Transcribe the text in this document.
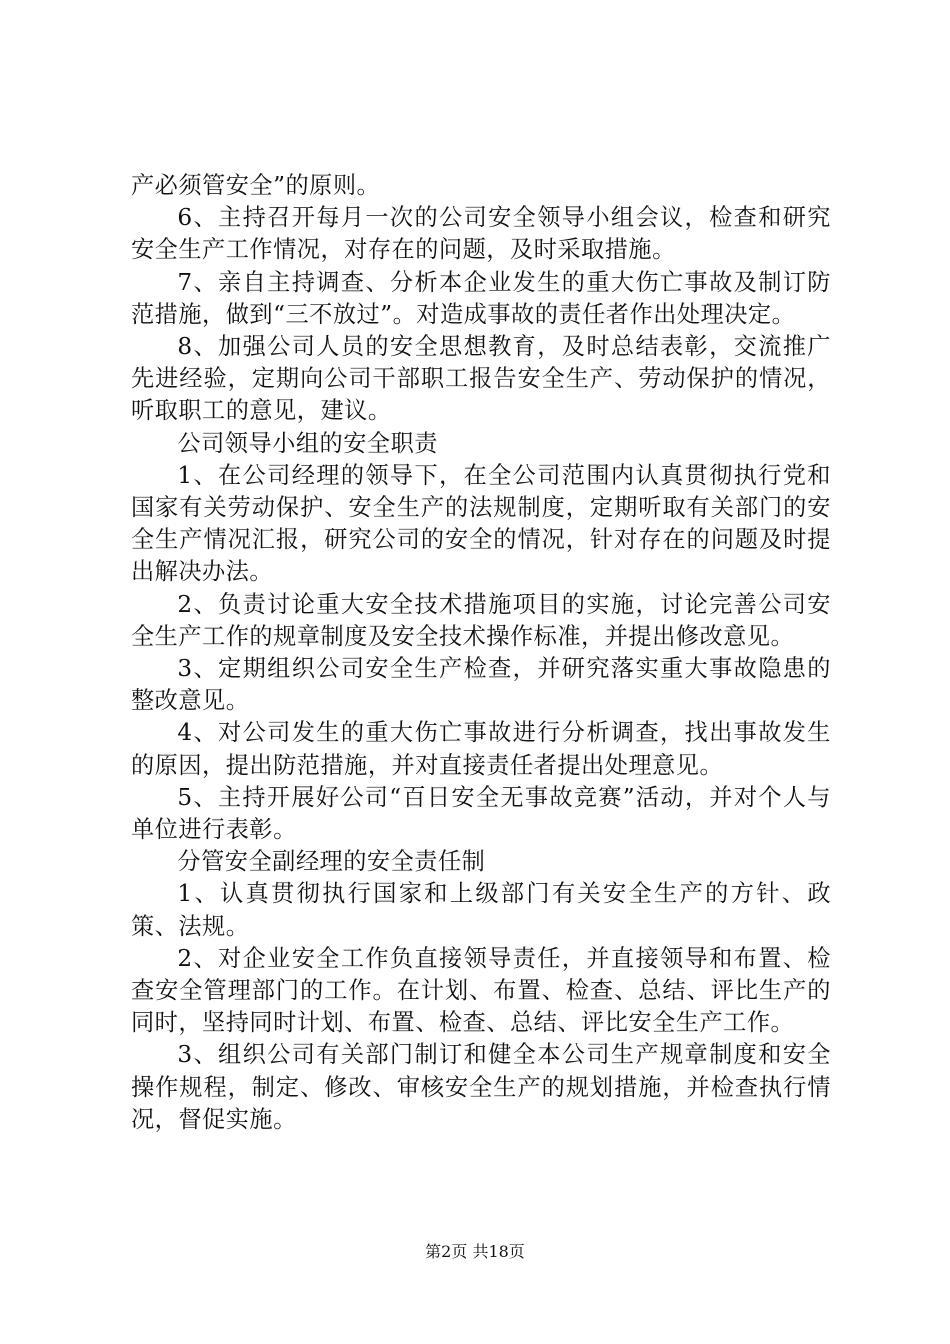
产必须管安全”的原则。

6、主持召开每月一次的公司安全领导小组会议，检查和研究安全生产工作情况，对存在的问题，及时采取措施。

7、亲自主持调查、分析本企业发生的重大伤亡事故及制订防范措施，做到“三不放过”。对造成事故的责任者作出处理决定。

8、加强公司人员的安全思想教育，及时总结表彰，交流推广先进经验，定期向公司干部职工报告安全生产、劳动保护的情况，听取职工的意见，建议。

公司领导小组的安全职责

1、在公司经理的领导下，在全公司范围内认真贯彻执行党和国家有关劳动保护、安全生产的法规制度，定期听取有关部门的安全生产情况汇报，研究公司的安全的情况，针对存在的问题及时提出解决办法。

2、负责讨论重大安全技术措施项目的实施，讨论完善公司安全生产工作的规章制度及安全技术操作标准，并提出修改意见。

3、定期组织公司安全生产检查，并研究落实重大事故隐患的整改意见。

4、对公司发生的重大伤亡事故进行分析调查，找出事故发生的原因，提出防范措施，并对直接责任者提出处理意见。

5、主持开展好公司“百日安全无事故竞赛”活动，并对个人与单位进行表彰。

分管安全副经理的安全责任制

1、认真贯彻执行国家和上级部门有关安全生产的方针、政策、法规。

2、对企业安全工作负直接领导责任，并直接领导和布置、检查安全管理部门的工作。在计划、布置、检查、总结、评比生产的同时，坚持同时计划、布置、检查、总结、评比安全生产工作。

3、组织公司有关部门制订和健全本公司生产规章制度和安全操作规程，制定、修改、审核安全生产的规划措施，并检查执行情况，督促实施。

第2页 共18页
